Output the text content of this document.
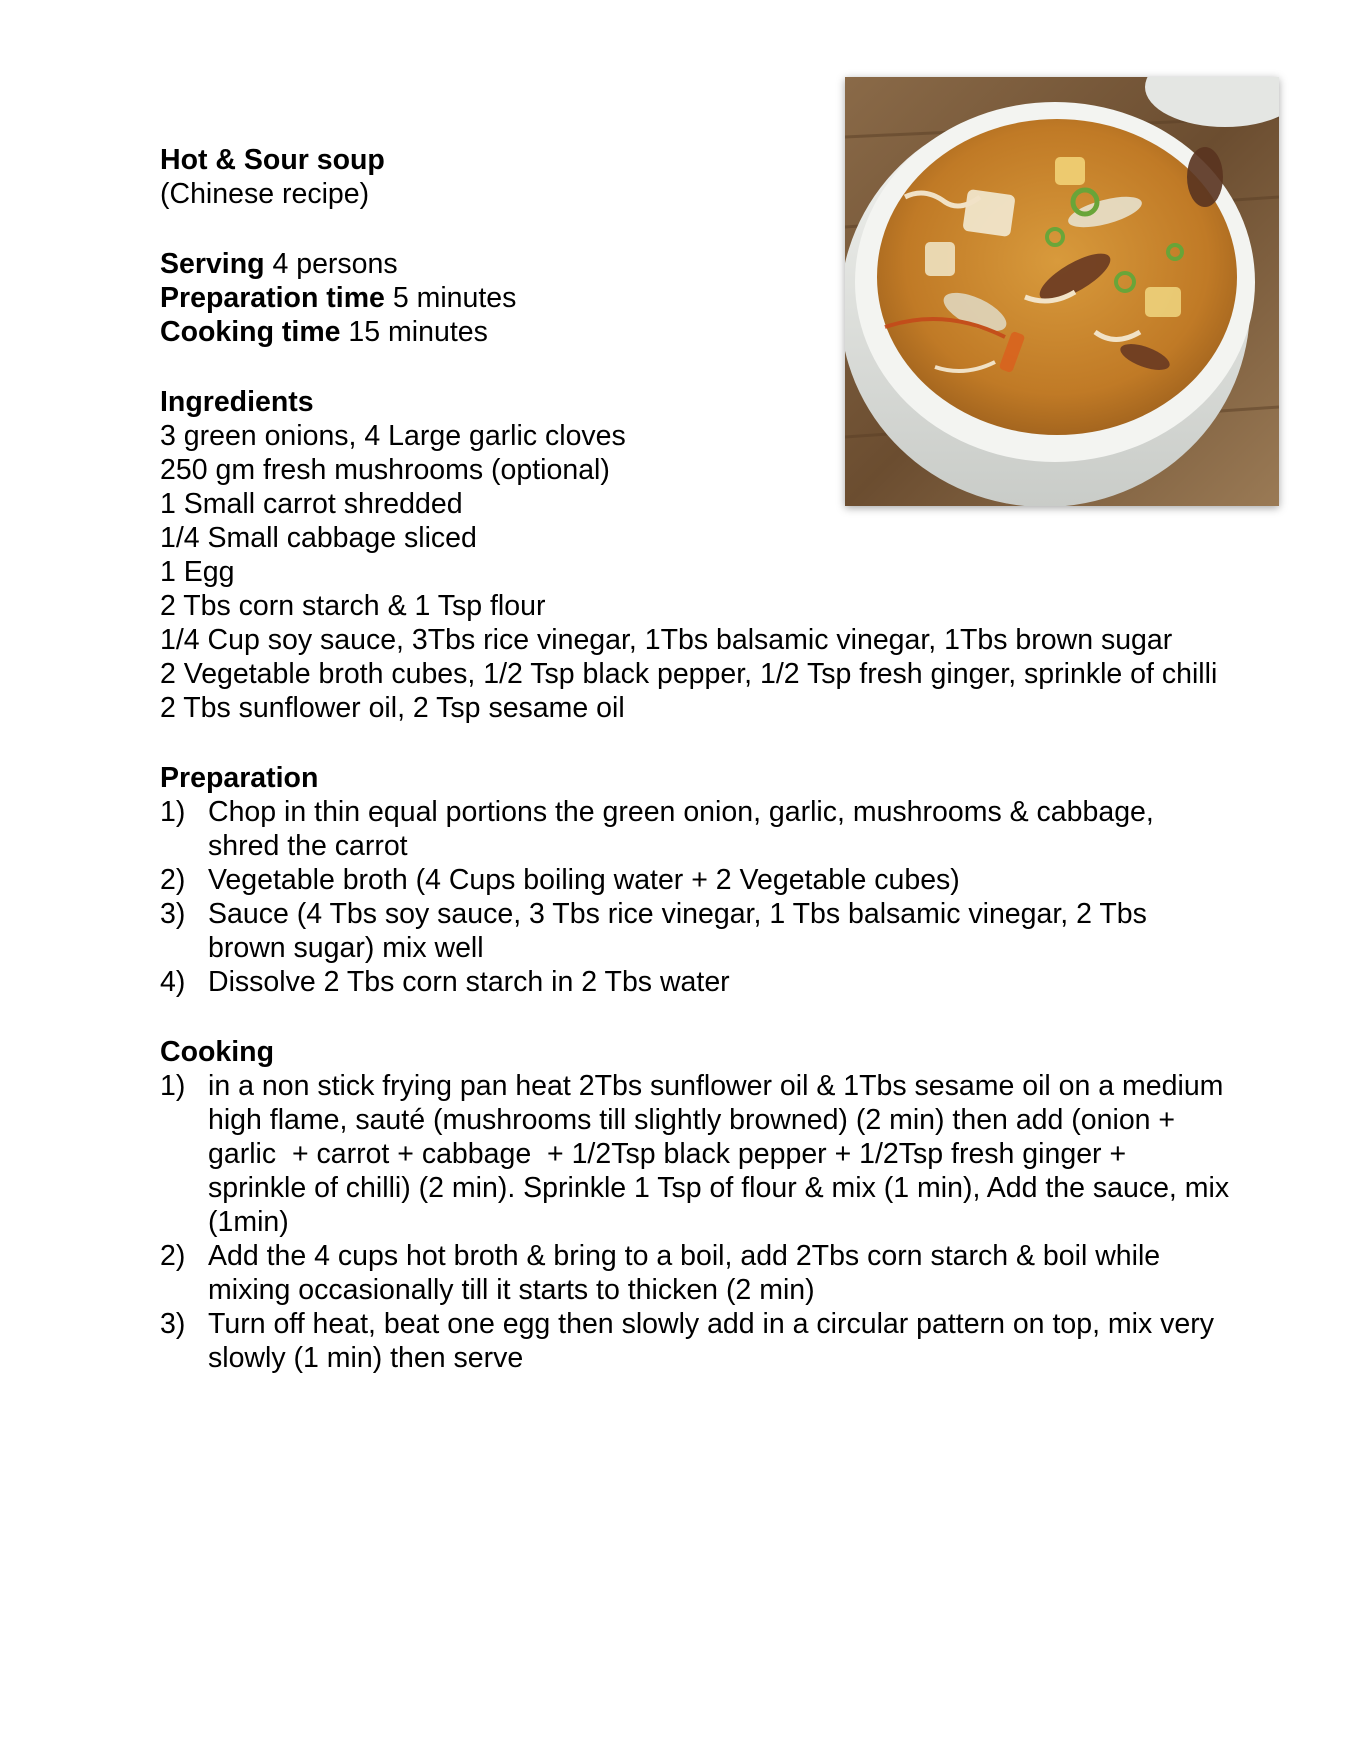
Hot & Sour soup
(Chinese recipe)
Serving 4 persons
Preparation time 5 minutes
Cooking time 15 minutes
Ingredients
3 green onions, 4 Large garlic cloves
250 gm fresh mushrooms (optional)
1 Small carrot shredded
1/4 Small cabbage sliced
1 Egg
2 Tbs corn starch & 1 Tsp flour
1/4 Cup soy sauce, 3Tbs rice vinegar, 1Tbs balsamic vinegar, 1Tbs brown sugar
2 Vegetable broth cubes, 1/2 Tsp black pepper, 1/2 Tsp fresh ginger, sprinkle of chilli
2 Tbs sunflower oil, 2 Tsp sesame oil
Preparation
1) Chop in thin equal portions the green onion, garlic, mushrooms & cabbage, shred the carrot
2) Vegetable broth (4 Cups boiling water + 2 Vegetable cubes)
3) Sauce (4 Tbs soy sauce, 3 Tbs rice vinegar, 1 Tbs balsamic vinegar, 2 Tbs brown sugar) mix well
4) Dissolve 2 Tbs corn starch in 2 Tbs water
Cooking
1) in a non stick frying pan heat 2Tbs sunflower oil & 1Tbs sesame oil on a medium high flame, sauté (mushrooms till slightly browned) (2 min) then add (onion + garlic  + carrot + cabbage  + 1/2Tsp black pepper + 1/2Tsp fresh ginger + sprinkle of chilli) (2 min). Sprinkle 1 Tsp of flour & mix (1 min), Add the sauce, mix (1min)
2) Add the 4 cups hot broth & bring to a boil, add 2Tbs corn starch & boil while mixing occasionally till it starts to thicken (2 min)
3) Turn off heat, beat one egg then slowly add in a circular pattern on top, mix very slowly (1 min) then serve
